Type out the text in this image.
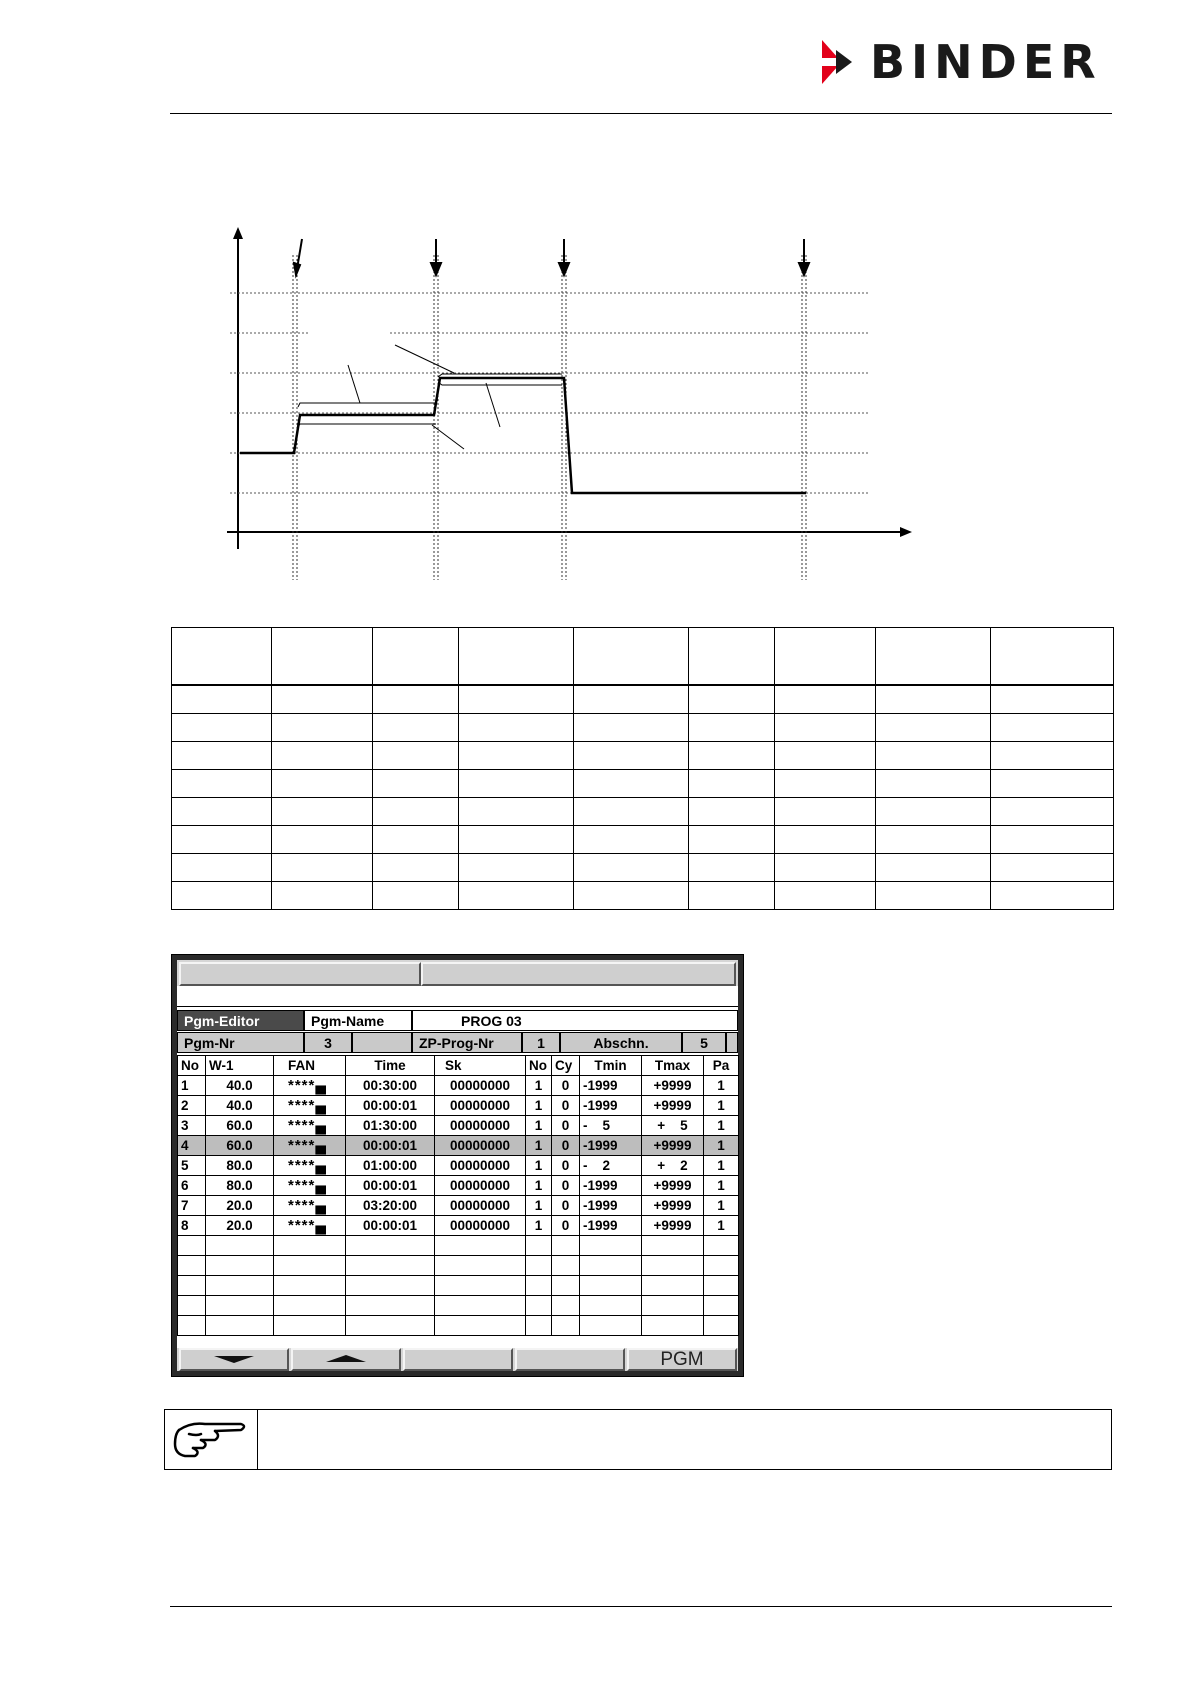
BINDER

Pgm-Editor	Pgm-Name	PROG 03
Pgm-Nr	3	ZP-Prog-Nr	1	Abschn.	5
No	W-1	FAN	Time	Sk	No	Cy	Tmin	Tmax	Pa
1	40.0	****▄	00:30:00	00000000	1	0	-1999	+9999	1
2	40.0	****▄	00:00:01	00000000	1	0	-1999	+9999	1
3	60.0	****▄	01:30:00	00000000	1	0	-    5	+    5	1
4	60.0	****▄	00:00:01	00000000	1	0	-1999	+9999	1
5	80.0	****▄	01:00:00	00000000	1	0	-    2	+    2	1
6	80.0	****▄	00:00:01	00000000	1	0	-1999	+9999	1
7	20.0	****▄	03:20:00	00000000	1	0	-1999	+9999	1
8	20.0	****▄	00:00:01	00000000	1	0	-1999	+9999	1

PGM
